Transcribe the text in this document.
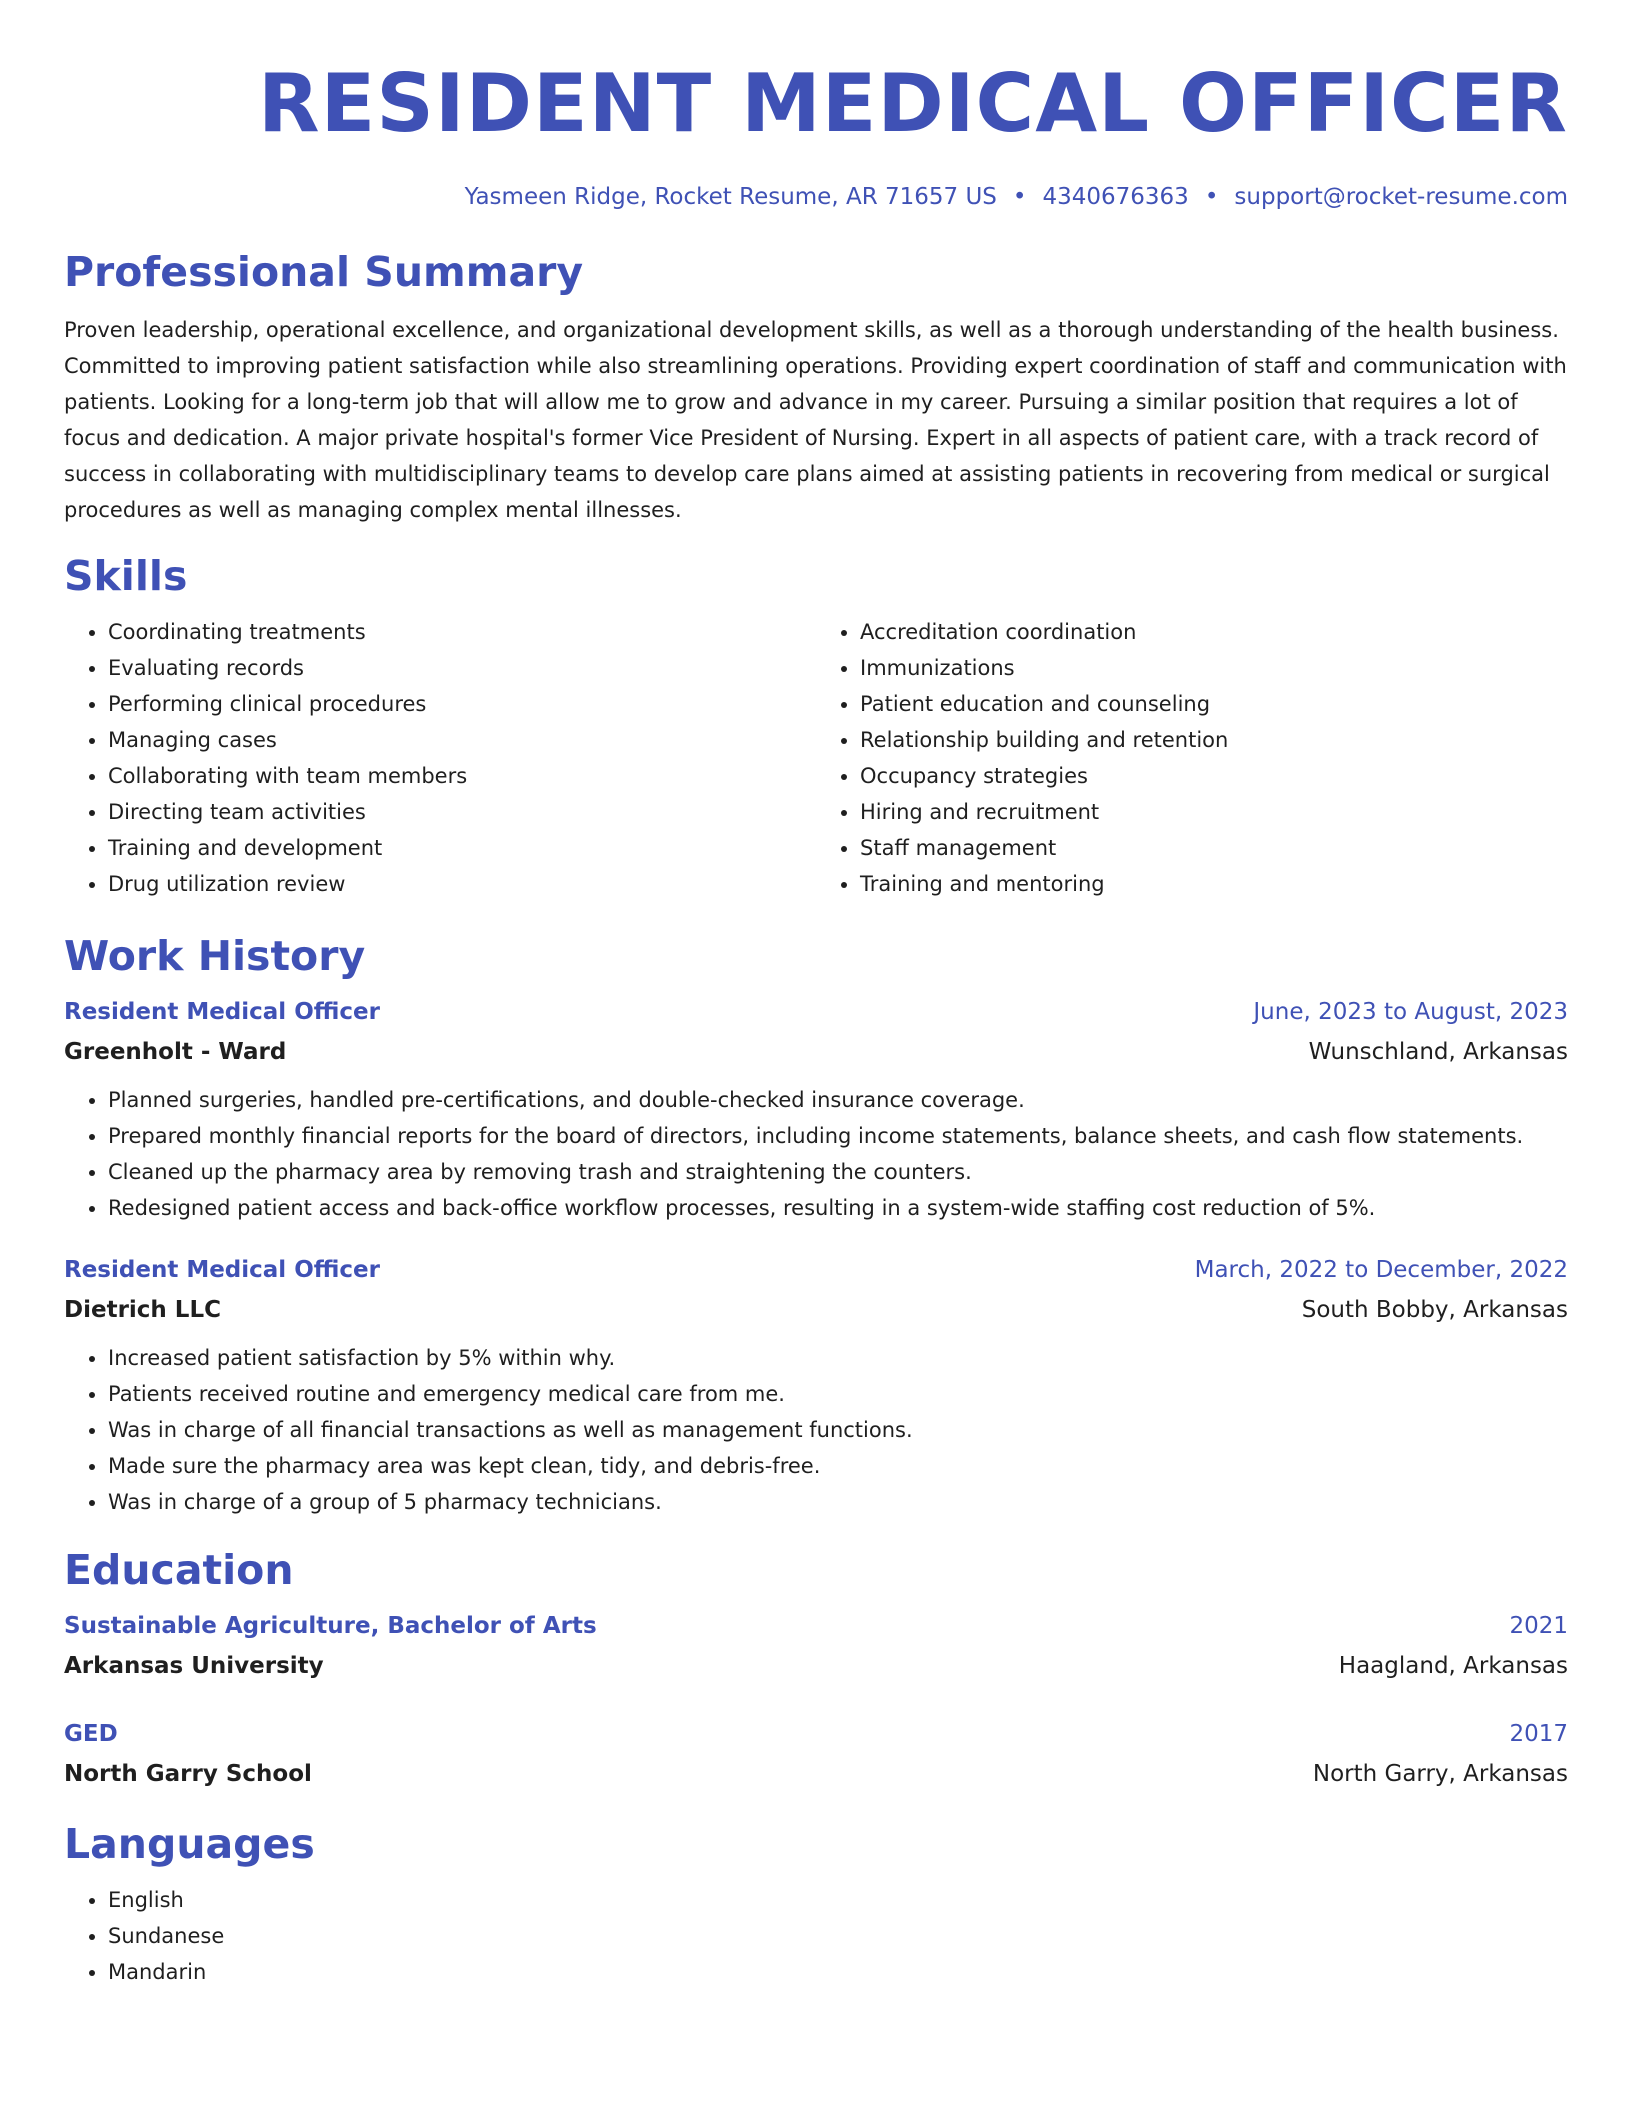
RESIDENT MEDICAL OFFICER
Yasmeen Ridge, Rocket Resume, AR 71657 US • 4340676363 • support@rocket-resume.com
Professional Summary

Proven leadership, operational excellence, and organizational development skills, as well as a thorough understanding of the health business. Committed to improving patient satisfaction while also streamlining operations. Providing expert coordination of staff and communication with patients. Looking for a long-term job that will allow me to grow and advance in my career. Pursuing a similar position that requires a lot of focus and dedication. A major private hospital's former Vice President of Nursing. Expert in all aspects of patient care, with a track record of success in collaborating with multidisciplinary teams to develop care plans aimed at assisting patients in recovering from medical or surgical procedures as well as managing complex mental illnesses.

Skills
• Coordinating treatments
• Evaluating records
• Performing clinical procedures
• Managing cases
• Collaborating with team members
• Directing team activities
• Training and development
• Drug utilization review
• Accreditation coordination
• Immunizations
• Patient education and counseling
• Relationship building and retention
• Occupancy strategies
• Hiring and recruitment
• Staff management
• Training and mentoring
Work History
Resident Medical Officer	June, 2023 to August, 2023
Greenholt - Ward	Wunschland, Arkansas
• Planned surgeries, handled pre-certifications, and double-checked insurance coverage.
• Prepared monthly financial reports for the board of directors, including income statements, balance sheets, and cash flow statements.
• Cleaned up the pharmacy area by removing trash and straightening the counters.
• Redesigned patient access and back-office workflow processes, resulting in a system-wide staffing cost reduction of 5%.
Resident Medical Officer	March, 2022 to December, 2022
Dietrich LLC	South Bobby, Arkansas
• Increased patient satisfaction by 5% within why.
• Patients received routine and emergency medical care from me.
• Was in charge of all financial transactions as well as management functions.
• Made sure the pharmacy area was kept clean, tidy, and debris-free.
• Was in charge of a group of 5 pharmacy technicians.
Education
Sustainable Agriculture, Bachelor of Arts	2021
Arkansas University	Haagland, Arkansas
GED	2017
North Garry School	North Garry, Arkansas
Languages
• English
• Sundanese
• Mandarin
